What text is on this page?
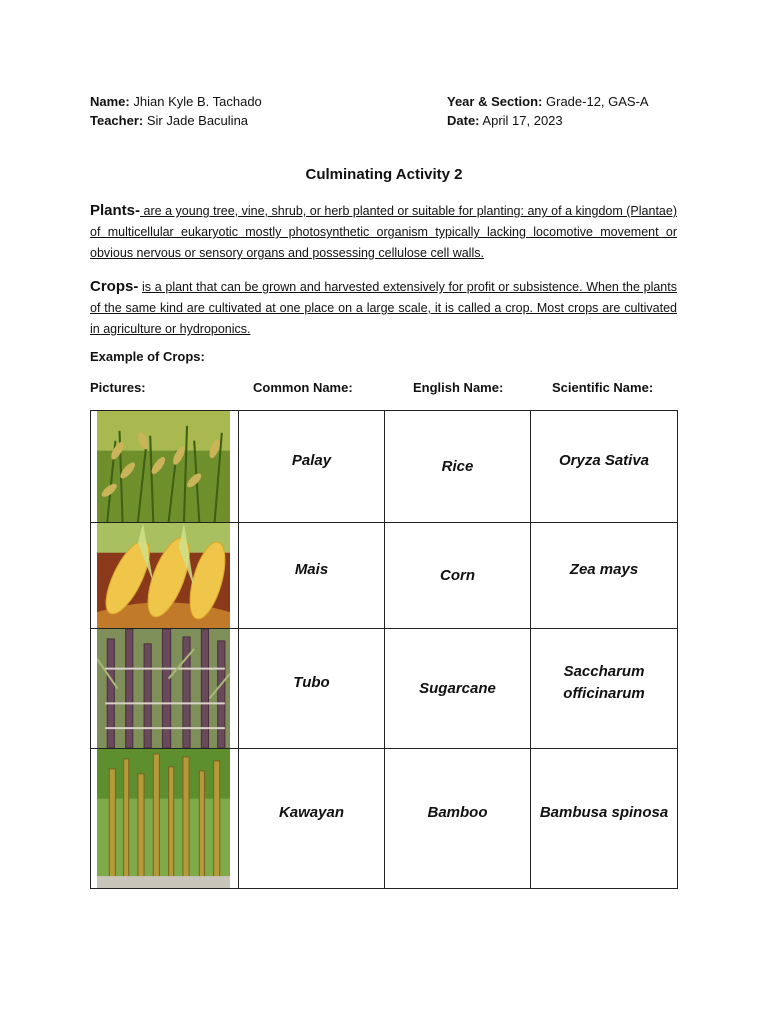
Name: Jhian Kyle B. Tachado
Teacher: Sir Jade Baculina
Year & Section: Grade-12, GAS-A
Date: April 17, 2023
Culminating Activity 2
Plants- are a young tree, vine, shrub, or herb planted or suitable for planting: any of a kingdom (Plantae) of multicellular eukaryotic mostly photosynthetic organism typically lacking locomotive movement or obvious nervous or sensory organs and possessing cellulose cell walls.
Crops- is a plant that can be grown and harvested extensively for profit or subsistence. When the plants of the same kind are cultivated at one place on a large scale, it is called a crop. Most crops are cultivated in agriculture or hydroponics.
Example of Crops:
Pictures:	Common Name:	English Name:	Scientific Name:
	Palay	Rice	Oryza Sativa

	Mais	Corn	Zea mays

	Tubo	Sugarcane	Saccharum officinarum

	Kawayan	Bamboo	Bambusa spinosa
